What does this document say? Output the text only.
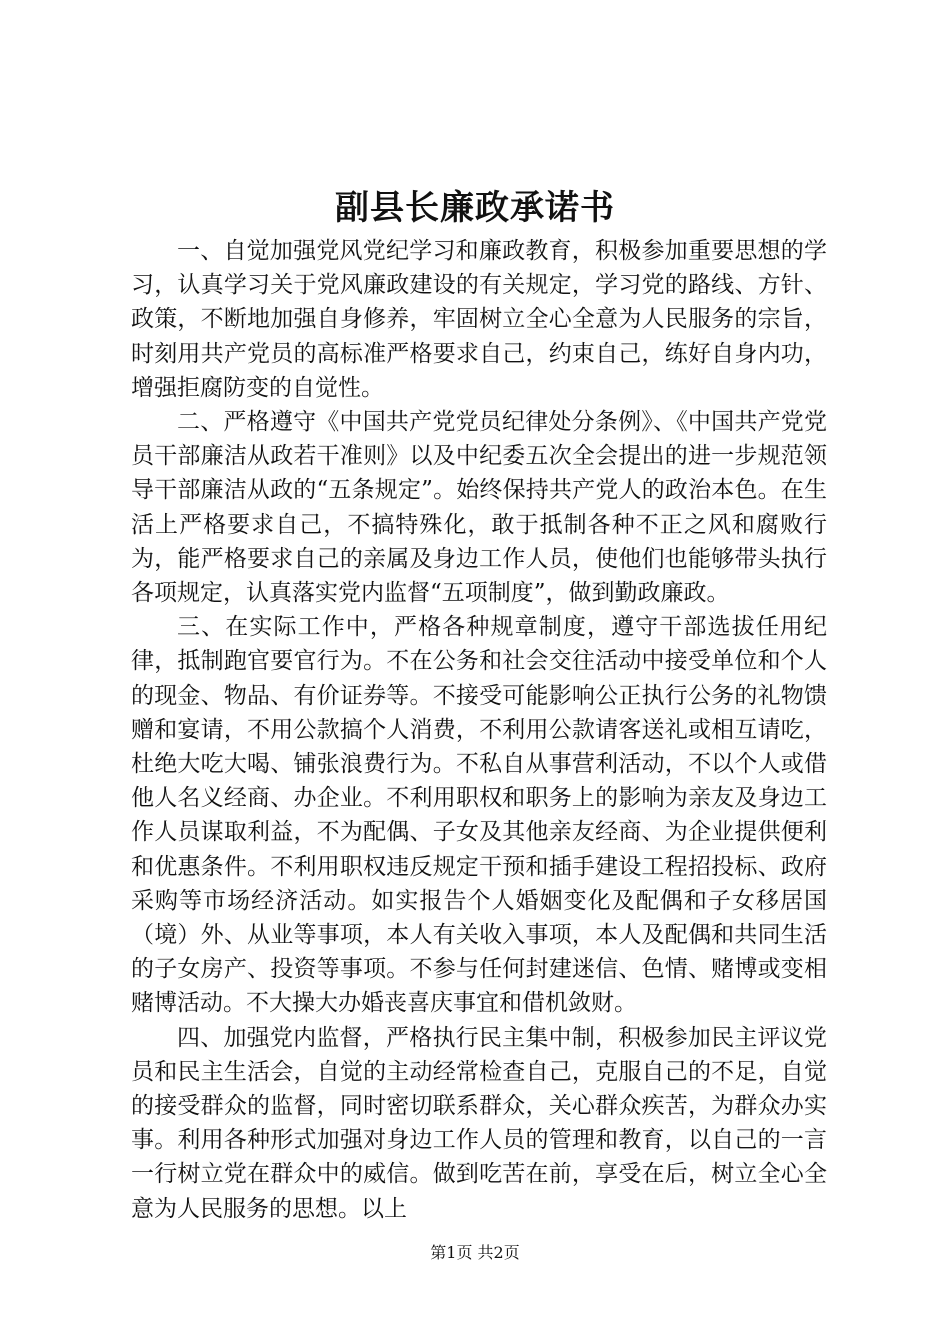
副县长廉政承诺书

一、自觉加强党风党纪学习和廉政教育，积极参加重要思想的学习，认真学习关于党风廉政建设的有关规定，学习党的路线、方针、政策，不断地加强自身修养，牢固树立全心全意为人民服务的宗旨，时刻用共产党员的高标准严格要求自己，约束自己，练好自身内功，增强拒腐防变的自觉性。

二、严格遵守《中国共产党党员纪律处分条例》、《中国共产党党员干部廉洁从政若干准则》以及中纪委五次全会提出的进一步规范领导干部廉洁从政的“五条规定”。始终保持共产党人的政治本色。在生活上严格要求自己，不搞特殊化，敢于抵制各种不正之风和腐败行为，能严格要求自己的亲属及身边工作人员，使他们也能够带头执行各项规定，认真落实党内监督“五项制度”，做到勤政廉政。

三、在实际工作中，严格各种规章制度，遵守干部选拔任用纪律，抵制跑官要官行为。不在公务和社会交往活动中接受单位和个人的现金、物品、有价证券等。不接受可能影响公正执行公务的礼物馈赠和宴请，不用公款搞个人消费，不利用公款请客送礼或相互请吃，杜绝大吃大喝、铺张浪费行为。不私自从事营利活动，不以个人或借他人名义经商、办企业。不利用职权和职务上的影响为亲友及身边工作人员谋取利益，不为配偶、子女及其他亲友经商、为企业提供便利和优惠条件。不利用职权违反规定干预和插手建设工程招投标、政府采购等市场经济活动。如实报告个人婚姻变化及配偶和子女移居国（境）外、从业等事项，本人有关收入事项，本人及配偶和共同生活的子女房产、投资等事项。不参与任何封建迷信、色情、赌博或变相赌博活动。不大操大办婚丧喜庆事宜和借机敛财。

四、加强党内监督，严格执行民主集中制，积极参加民主评议党员和民主生活会，自觉的主动经常检查自己，克服自己的不足，自觉的接受群众的监督，同时密切联系群众，关心群众疾苦，为群众办实事。利用各种形式加强对身边工作人员的管理和教育，以自己的一言一行树立党在群众中的威信。做到吃苦在前，享受在后，树立全心全意为人民服务的思想。以上

第1页 共2页
